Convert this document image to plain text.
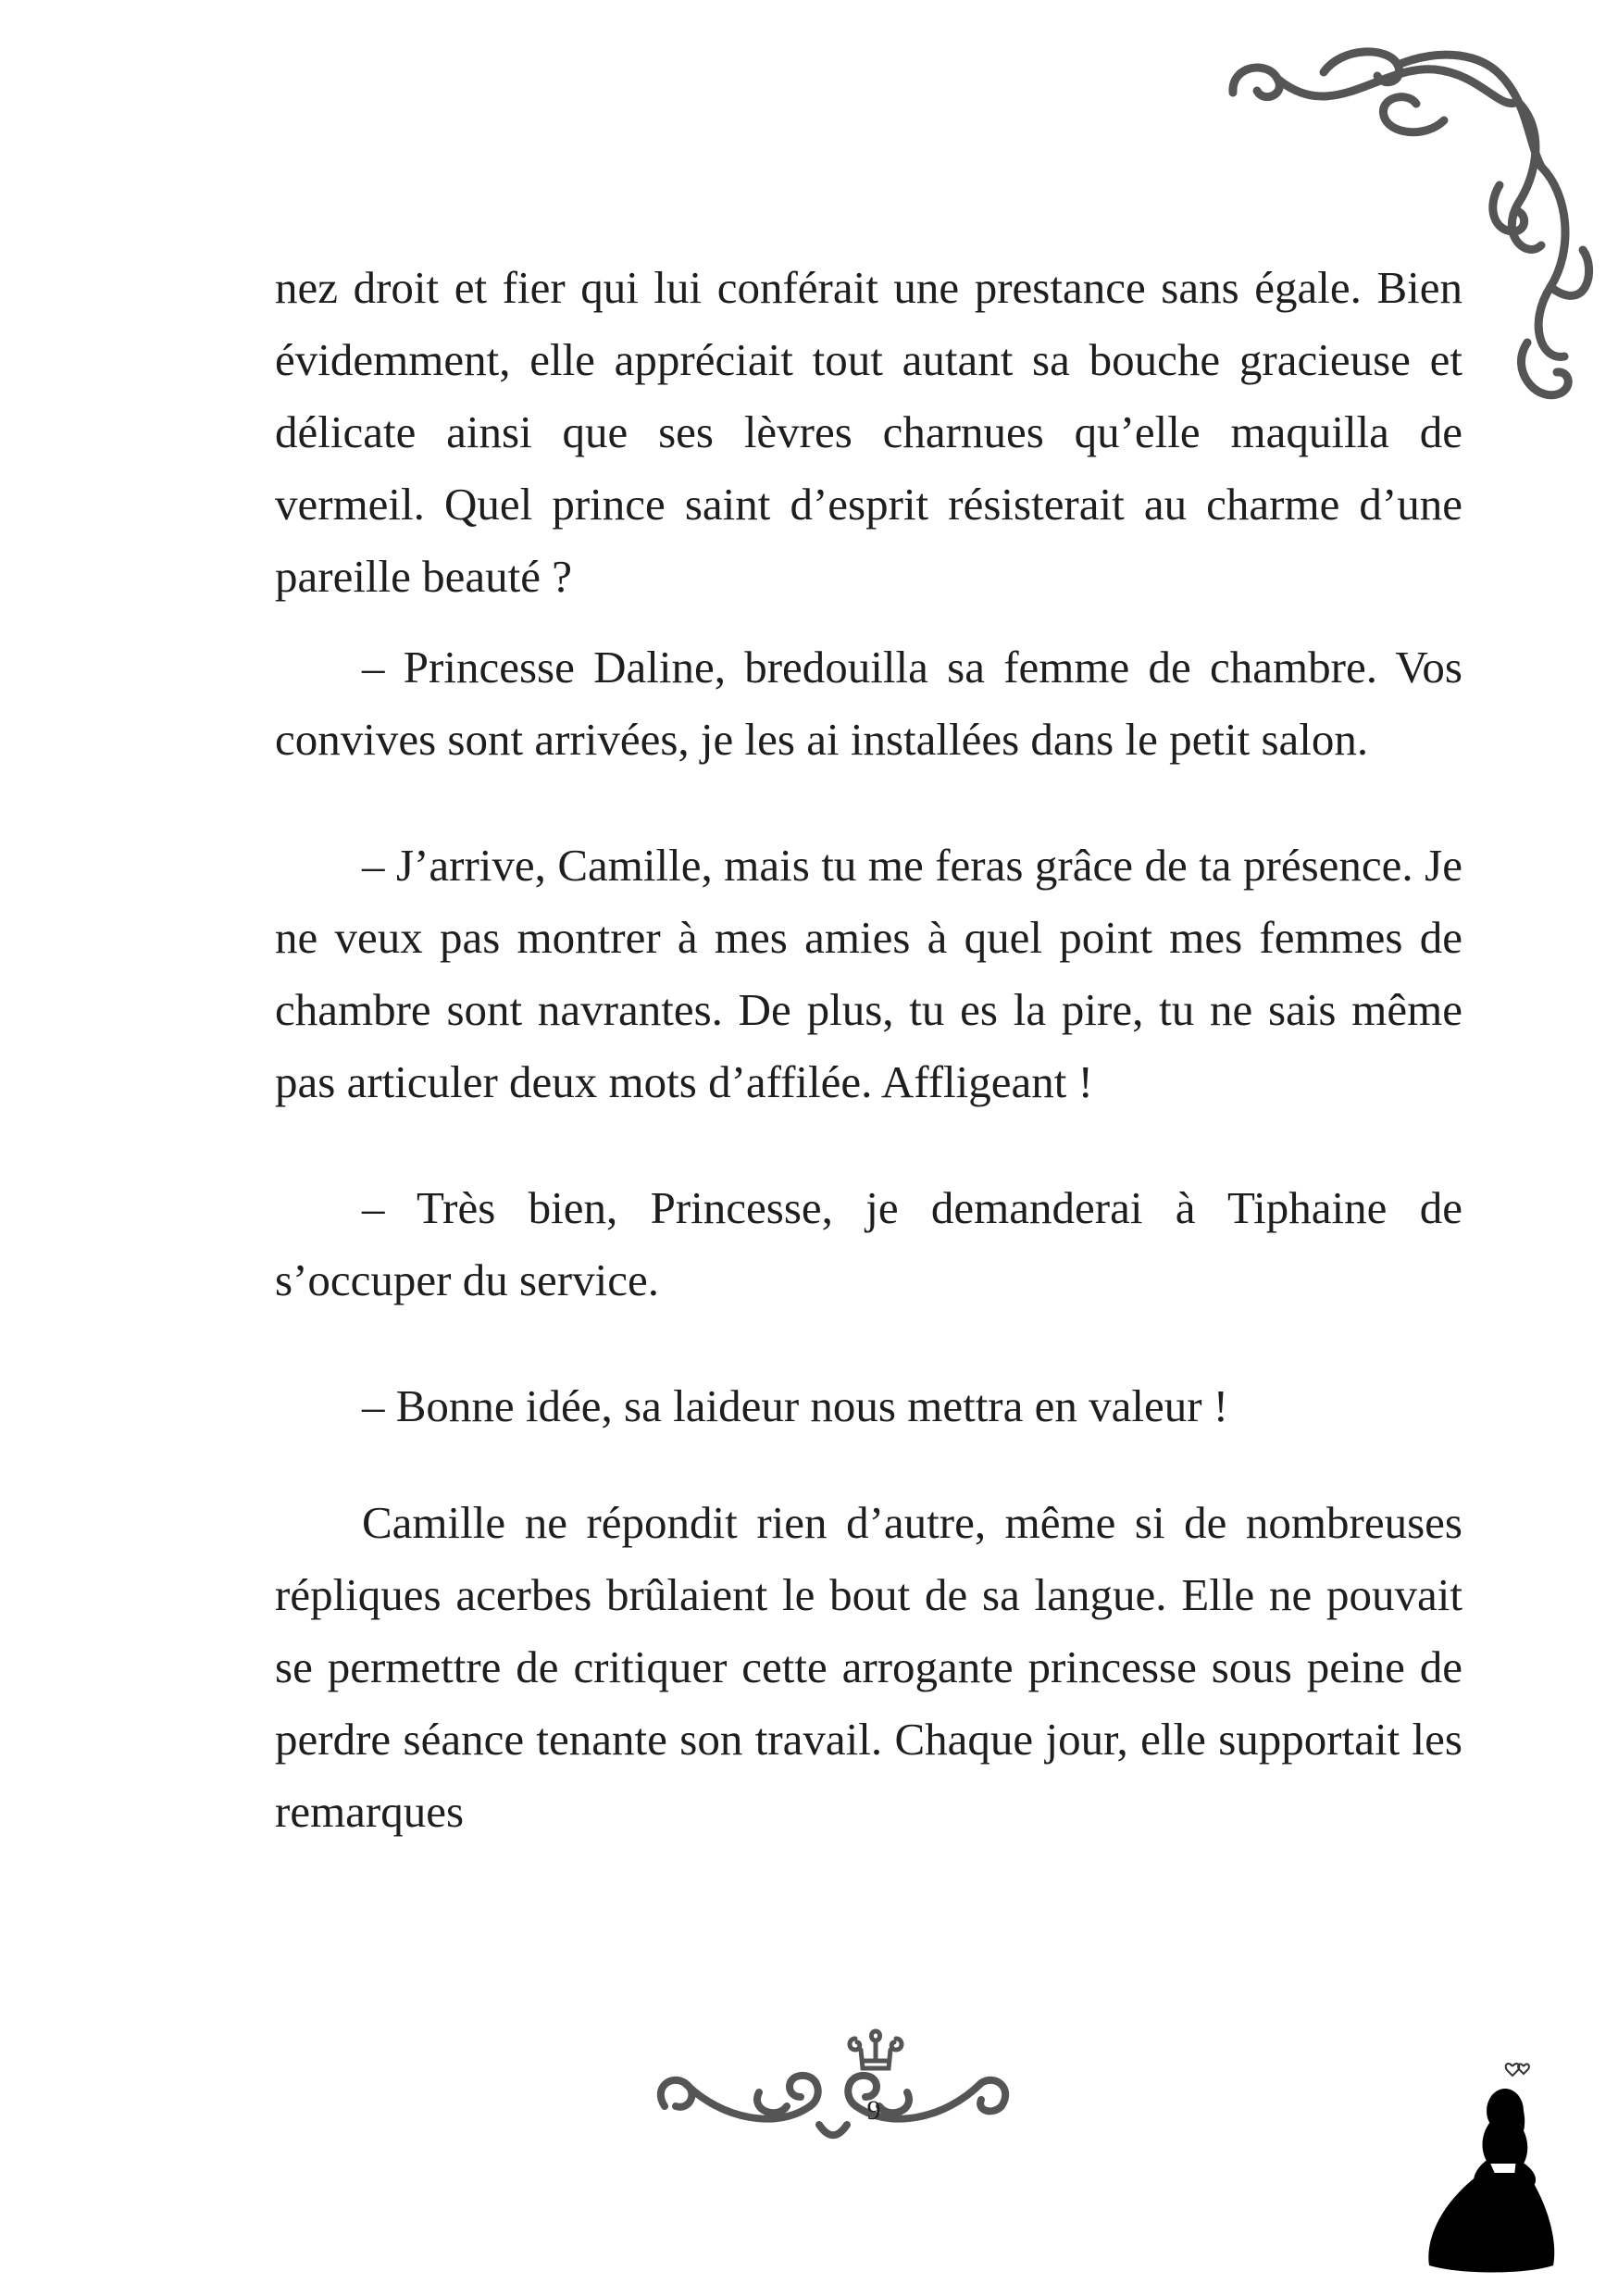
nez droit et fier qui lui conférait une prestance sans égale. Bien évidemment, elle appréciait tout autant sa bouche gracieuse et délicate ainsi que ses lèvres charnues qu’elle maquilla de vermeil. Quel prince saint d’esprit résisterait au charme d’une pareille beauté ?

– Princesse Daline, bredouilla sa femme de chambre. Vos convives sont arrivées, je les ai installées dans le petit salon.

– J’arrive, Camille, mais tu me feras grâce de ta présence. Je ne veux pas montrer à mes amies à quel point mes femmes de chambre sont navrantes. De plus, tu es la pire, tu ne sais même pas articuler deux mots d’affilée. Affligeant !

– Très bien, Princesse, je demanderai à Tiphaine de s’occuper du service.

– Bonne idée, sa laideur nous mettra en valeur !

Camille ne répondit rien d’autre, même si de nombreuses répliques acerbes brûlaient le bout de sa langue. Elle ne pouvait se permettre de critiquer cette arrogante princesse sous peine de perdre séance tenante son travail. Chaque jour, elle supportait les remarques

9
